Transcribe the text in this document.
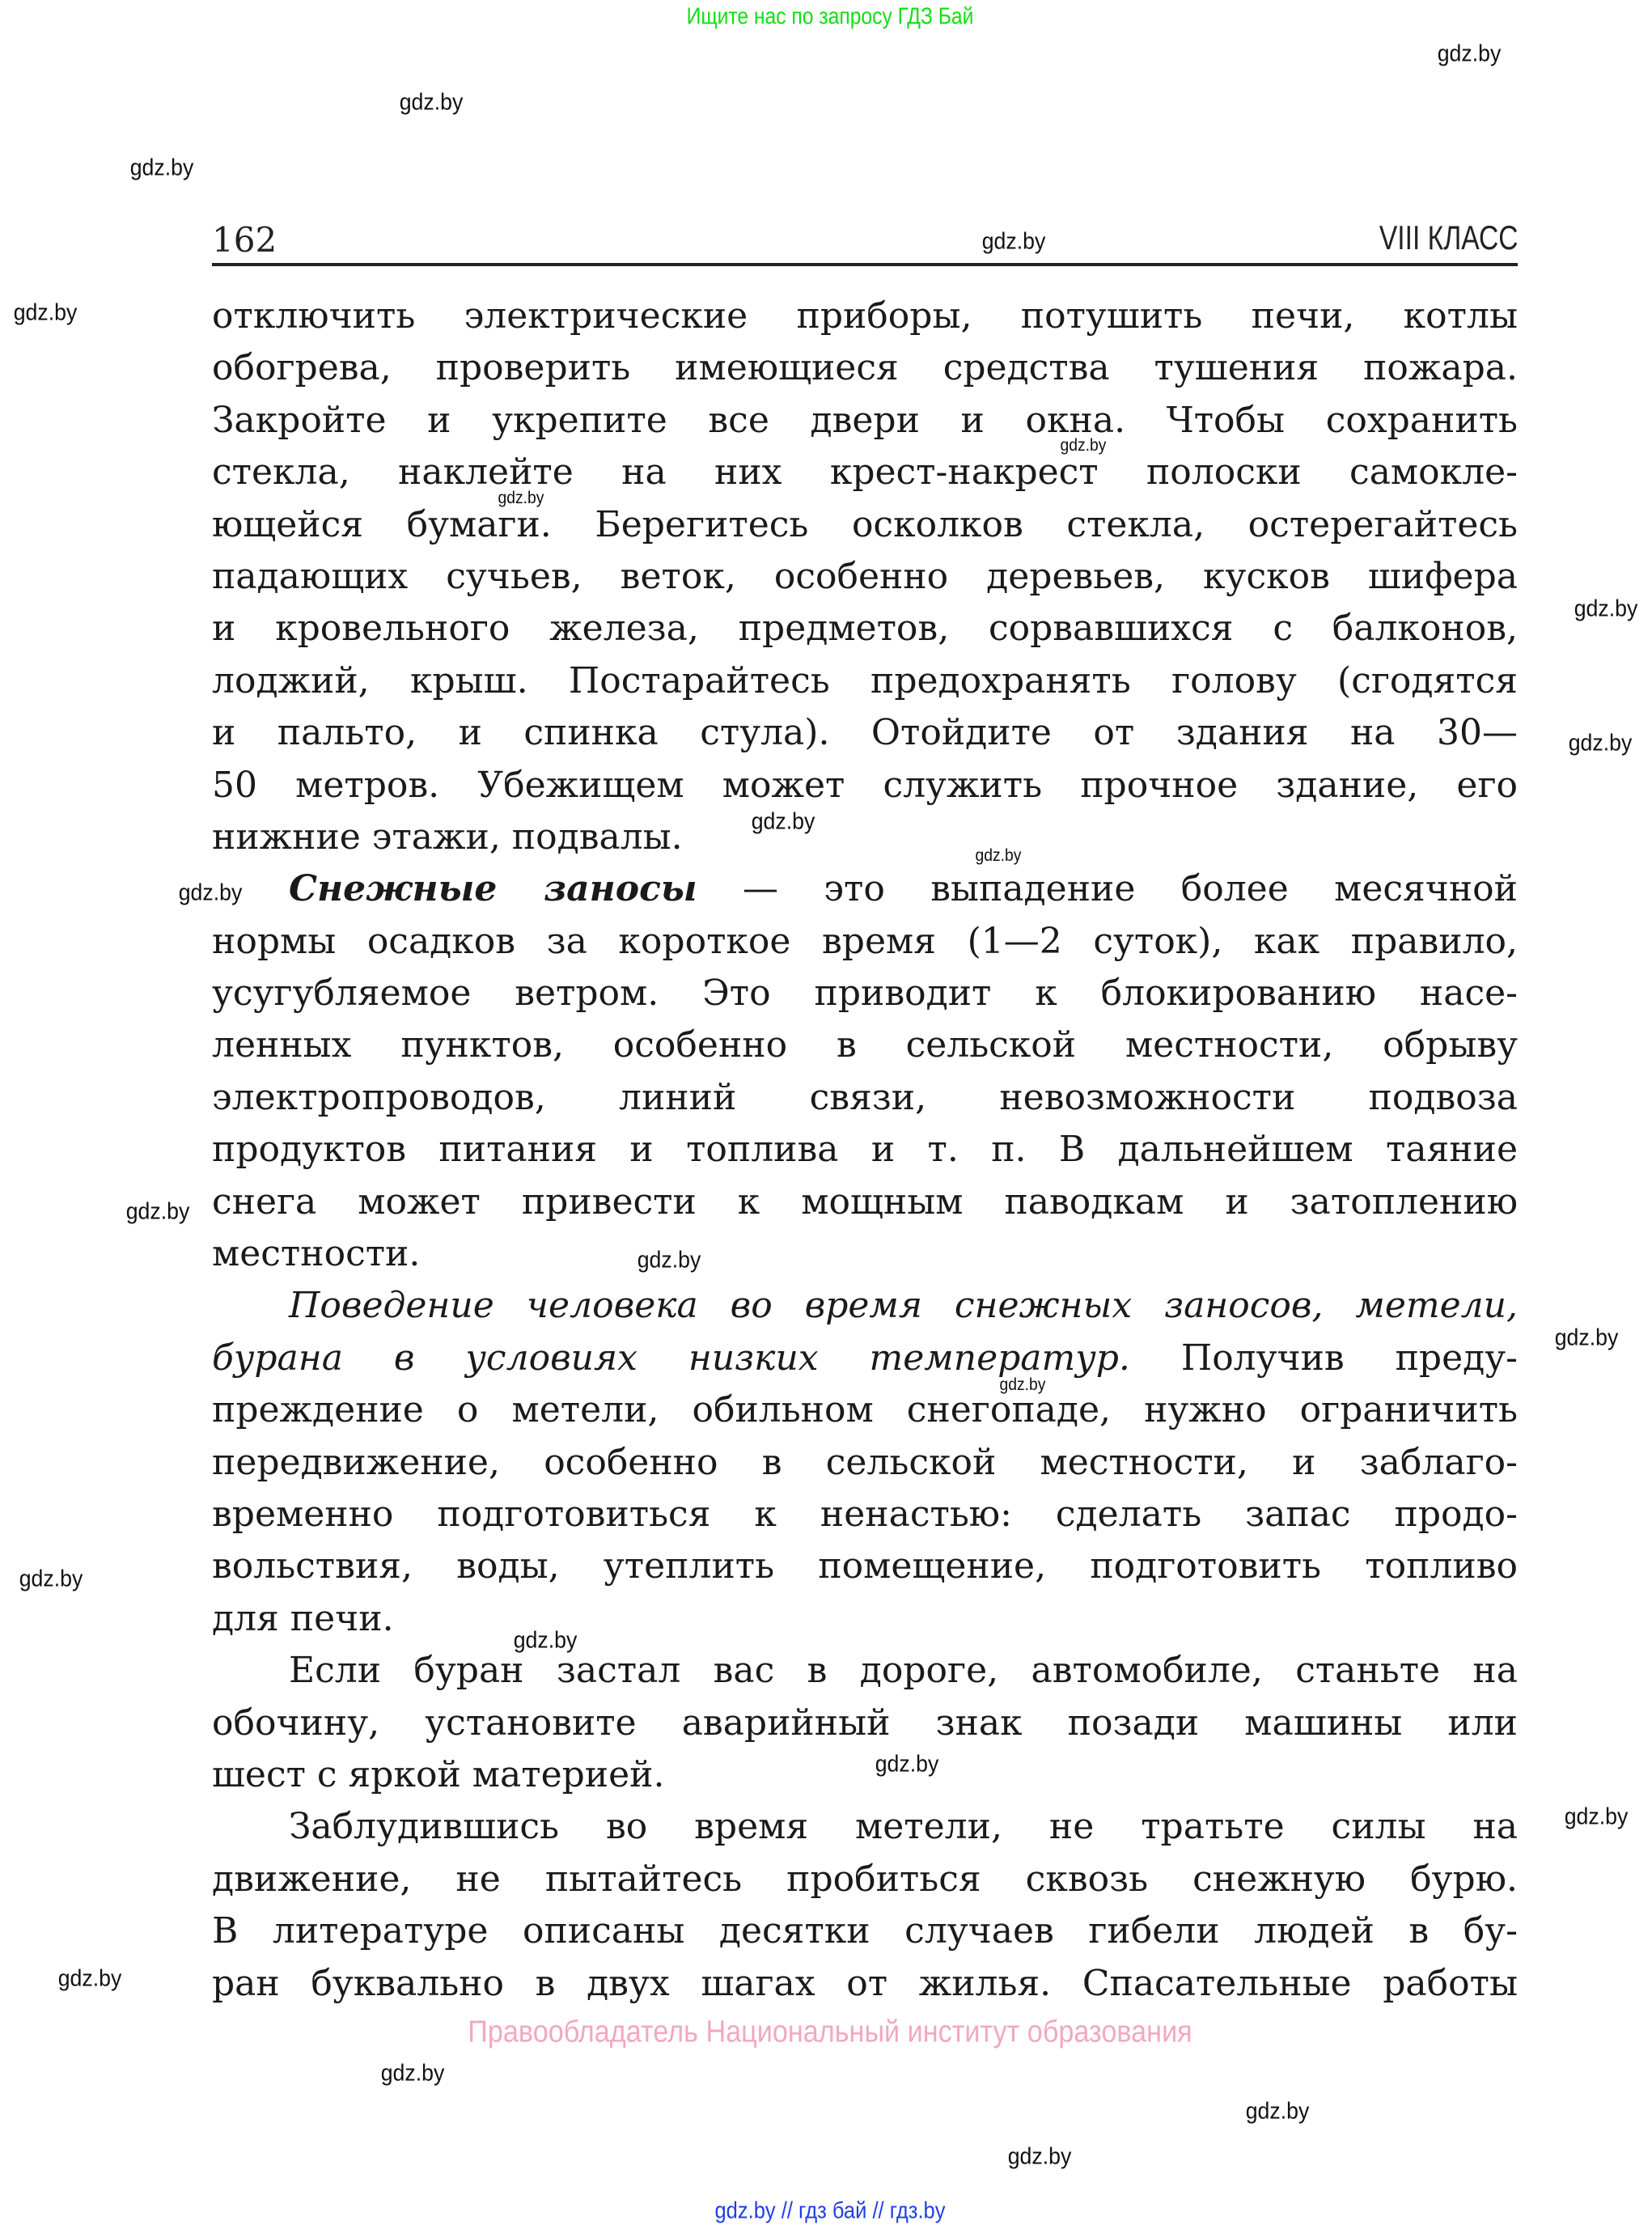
Ищите нас по запросу ГДЗ Бай
gdz.by
gdz.by
gdz.by
gdz.by
gdz.by
gdz.by
gdz.by
gdz.by
gdz.by
gdz.by
gdz.by
gdz.by
gdz.by
gdz.by
gdz.by
gdz.by
gdz.by
gdz.by
gdz.by
gdz.by
gdz.by
gdz.by
gdz.by
gdz.by
162	VIII КЛАСС
отключить электрические приборы, потушить печи, котлы
обогрева, проверить имеющиеся средства тушения пожара.
Закройте и укрепите все двери и окна. Чтобы сохранить
стекла, наклейте на них крест-накрест полоски самокле-
ющейся бумаги. Берегитесь осколков стекла, остерегайтесь
падающих сучьев, веток, особенно деревьев, кусков шифера
и кровельного железа, предметов, сорвавшихся с балконов,
лоджий, крыш. Постарайтесь предохранять голову (сгодятся
и пальто, и спинка стула). Отойдите от здания на 30—
50 метров. Убежищем может служить прочное здание, его
нижние этажи, подвалы.
Снежные заносы — это выпадение более месячной
нормы осадков за короткое время (1—2 суток), как правило,
усугубляемое ветром. Это приводит к блокированию насе-
ленных пунктов, особенно в сельской местности, обрыву
электропроводов, линий связи, невозможности подвоза
продуктов питания и топлива и т. п. В дальнейшем таяние
снега может привести к мощным паводкам и затоплению
местности.
Поведение человека во время снежных заносов, метели,
бурана в условиях низких температур. Получив преду-
преждение о метели, обильном снегопаде, нужно ограничить
передвижение, особенно в сельской местности, и заблаго-
временно подготовиться к ненастью: сделать запас продо-
вольствия, воды, утеплить помещение, подготовить топливо
для печи.
Если буран застал вас в дороге, автомобиле, станьте на
обочину, установите аварийный знак позади машины или
шест с яркой материей.
Заблудившись во время метели, не тратьте силы на
движение, не пытайтесь пробиться сквозь снежную бурю.
В литературе описаны десятки случаев гибели людей в бу-
ран буквально в двух шагах от жилья. Спасательные работы
Правообладатель Национальный институт образования
gdz.by // гдз бай // гдз.by
